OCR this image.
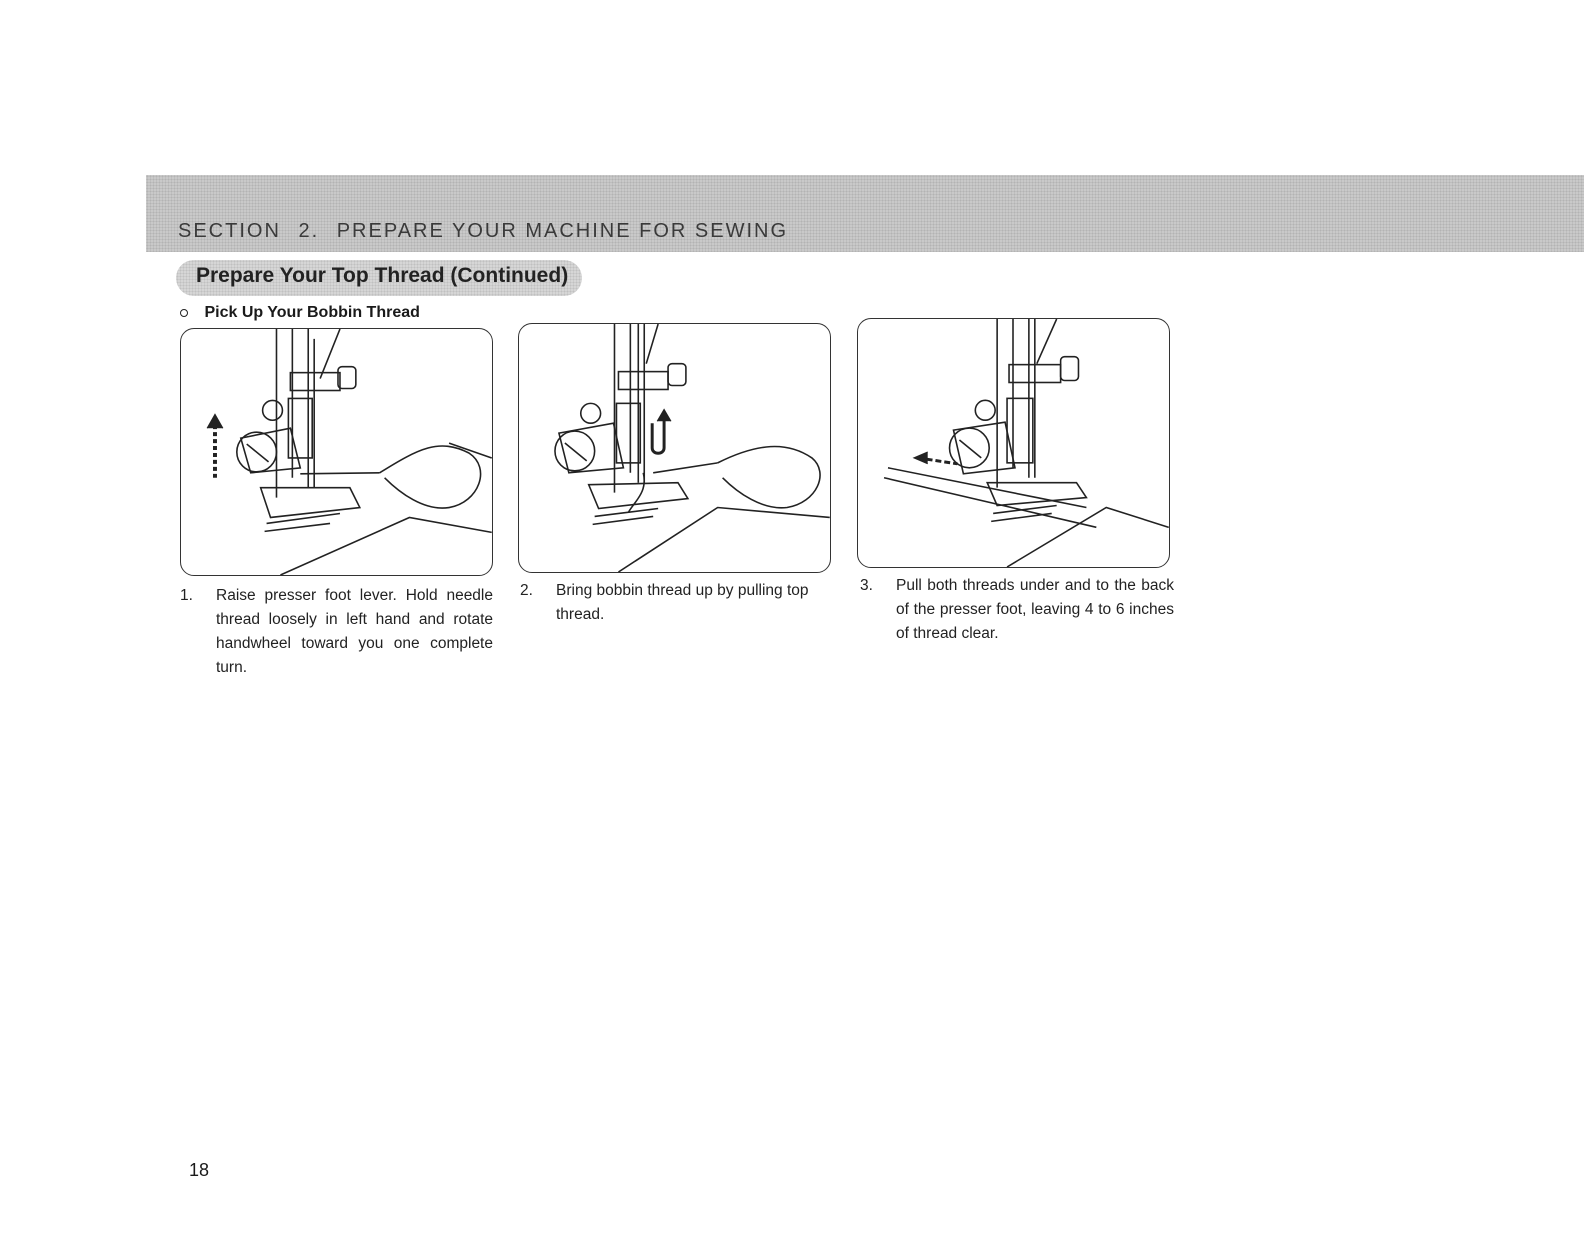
SECTION 2. PREPARE YOUR MACHINE FOR SEWING
Prepare Your Top Thread (Continued)
Pick Up Your Bobbin Thread
1. Raise presser foot lever. Hold needle thread loosely in left hand and rotate handwheel toward you one complete turn.
2. Bring bobbin thread up by pulling top thread.
3. Pull both threads under and to the back of the presser foot, leaving 4 to 6 inches of thread clear.
18
